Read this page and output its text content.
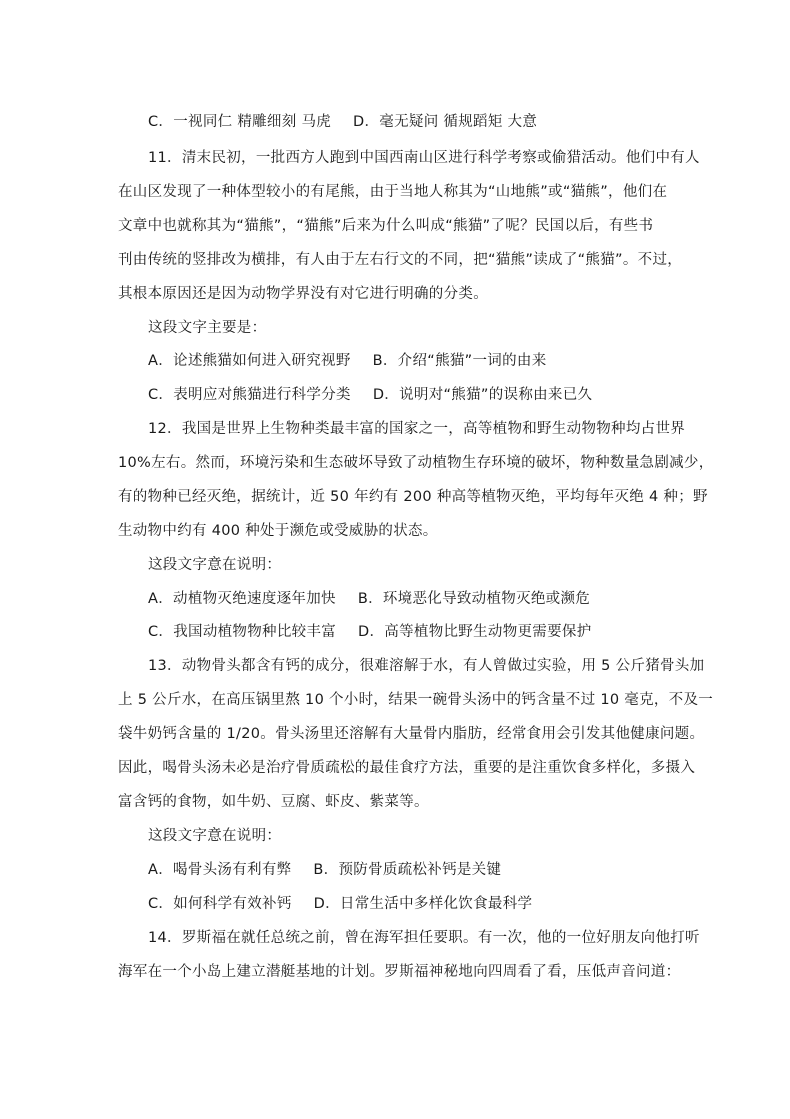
C．一视同仁 精雕细刻 马虎 D．毫无疑问 循规蹈矩 大意
11．清末民初，一批西方人跑到中国西南山区进行科学考察或偷猎活动。他们中有人
在山区发现了一种体型较小的有尾熊，由于当地人称其为“山地熊”或“猫熊”，他们在
文章中也就称其为“猫熊”，“猫熊”后来为什么叫成“熊猫”了呢？民国以后，有些书
刊由传统的竖排改为横排，有人由于左右行文的不同，把“猫熊”读成了“熊猫”。不过，
其根本原因还是因为动物学界没有对它进行明确的分类。
这段文字主要是：
A．论述熊猫如何进入研究视野 B．介绍“熊猫”一词的由来
C．表明应对熊猫进行科学分类 D．说明对“熊猫”的误称由来已久
12．我国是世界上生物种类最丰富的国家之一，高等植物和野生动物物种均占世界
10%左右。然而，环境污染和生态破坏导致了动植物生存环境的破坏，物种数量急剧减少，
有的物种已经灭绝，据统计，近 50 年约有 200 种高等植物灭绝，平均每年灭绝 4 种；野
生动物中约有 400 种处于濒危或受威胁的状态。
这段文字意在说明：
A．动植物灭绝速度逐年加快 B．环境恶化导致动植物灭绝或濒危
C．我国动植物物种比较丰富 D．高等植物比野生动物更需要保护
13．动物骨头都含有钙的成分，很难溶解于水，有人曾做过实验，用 5 公斤猪骨头加
上 5 公斤水，在高压锅里熬 10 个小时，结果一碗骨头汤中的钙含量不过 10 毫克，不及一
袋牛奶钙含量的 1/20。骨头汤里还溶解有大量骨内脂肪，经常食用会引发其他健康问题。
因此，喝骨头汤未必是治疗骨质疏松的最佳食疗方法，重要的是注重饮食多样化，多摄入
富含钙的食物，如牛奶、豆腐、虾皮、紫菜等。
这段文字意在说明：
A．喝骨头汤有利有弊 B．预防骨质疏松补钙是关键
C．如何科学有效补钙 D．日常生活中多样化饮食最科学
14．罗斯福在就任总统之前，曾在海军担任要职。有一次，他的一位好朋友向他打听
海军在一个小岛上建立潜艇基地的计划。罗斯福神秘地向四周看了看，压低声音问道：
